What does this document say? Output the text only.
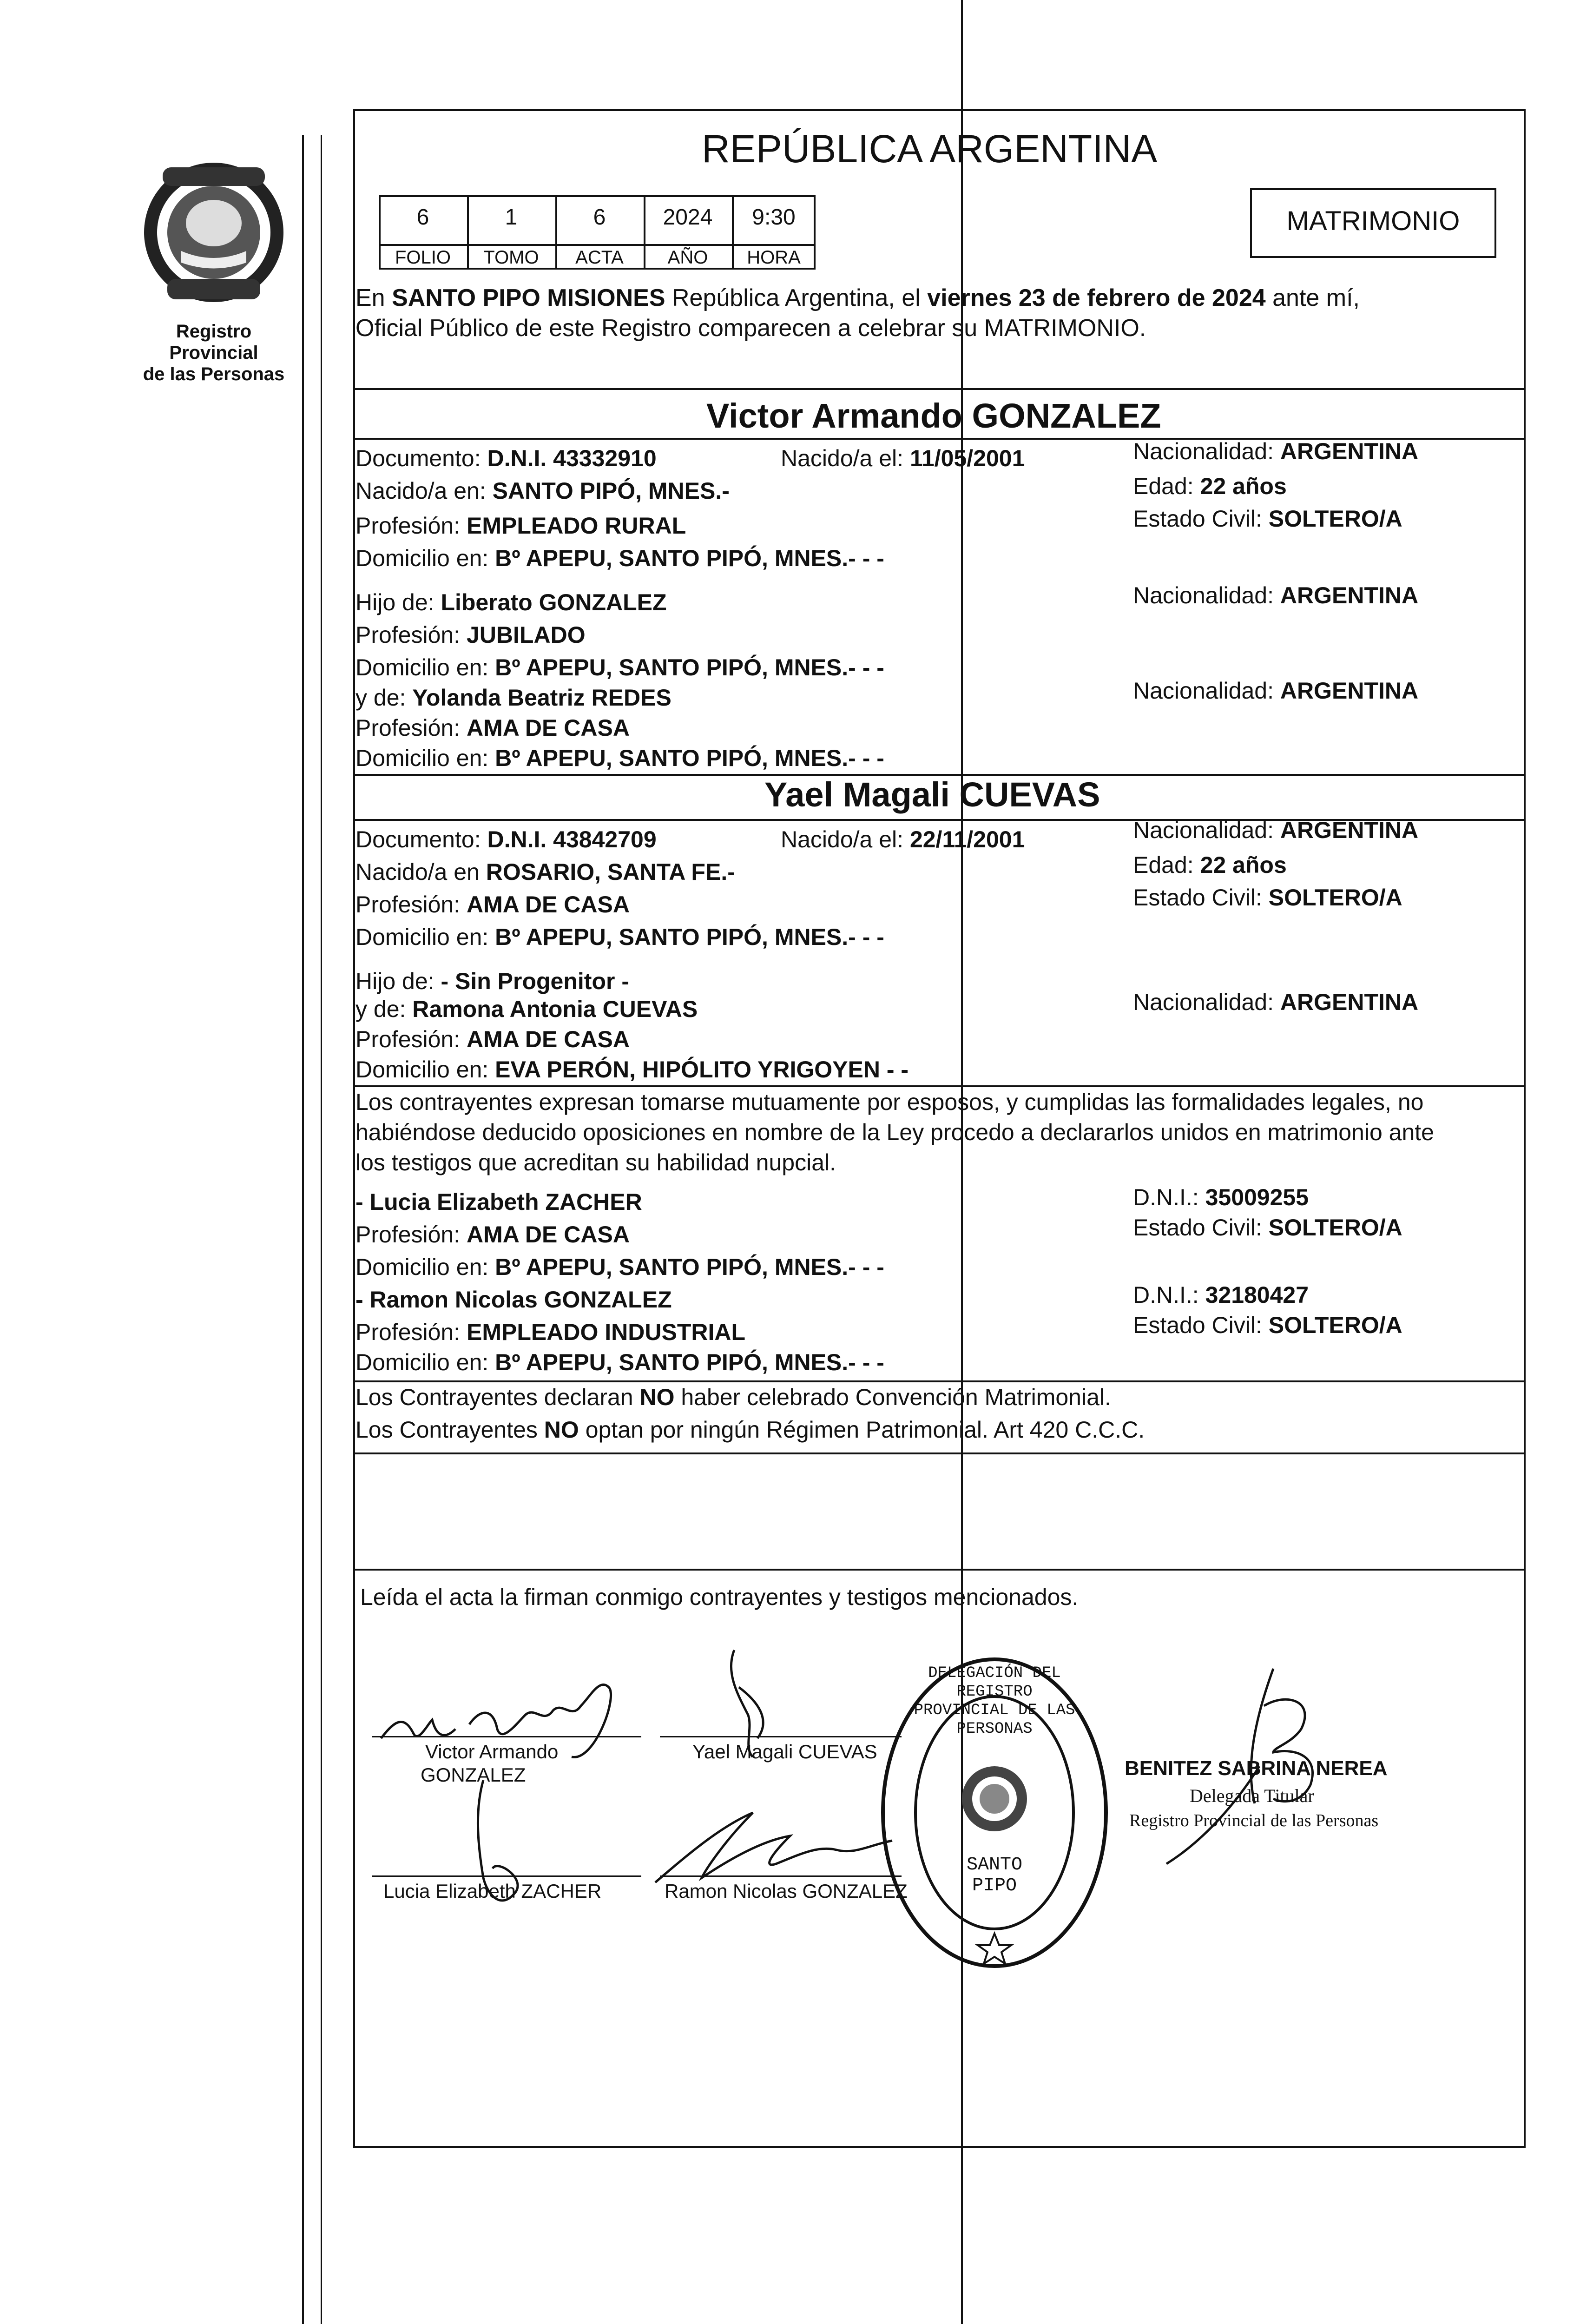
Registro Provincial
de las Personas
REPÚBLICA ARGENTINA
6	1	6	2024	9:30
FOLIO	TOMO	ACTA	AÑO	HORA
MATRIMONIO
En SANTO PIPO MISIONES República Argentina, el viernes 23 de febrero de 2024 ante mí,
Oficial Público de este Registro comparecen a celebrar su MATRIMONIO.
Victor Armando GONZALEZ
Documento: D.N.I. 43332910	Nacido/a el: 11/05/2001	Nacionalidad: ARGENTINA
Nacido/a en: SANTO PIPÓ, MNES.-	Edad: 22 años
Profesión: EMPLEADO RURAL	Estado Civil: SOLTERO/A
Domicilio en: Bº APEPU, SANTO PIPÓ, MNES.- - -
Hijo de: Liberato GONZALEZ	Nacionalidad: ARGENTINA
Profesión: JUBILADO
Domicilio en: Bº APEPU, SANTO PIPÓ, MNES.- - -
y de: Yolanda Beatriz REDES	Nacionalidad: ARGENTINA
Profesión: AMA DE CASA
Domicilio en: Bº APEPU, SANTO PIPÓ, MNES.- - -
Yael Magali CUEVAS
Documento: D.N.I. 43842709	Nacido/a el: 22/11/2001	Nacionalidad: ARGENTINA
Nacido/a en ROSARIO, SANTA FE.-	Edad: 22 años
Profesión: AMA DE CASA	Estado Civil: SOLTERO/A
Domicilio en: Bº APEPU, SANTO PIPÓ, MNES.- - -
Hijo de: - Sin Progenitor -
y de: Ramona Antonia CUEVAS	Nacionalidad: ARGENTINA
Profesión: AMA DE CASA
Domicilio en: EVA PERÓN, HIPÓLITO YRIGOYEN - -
Los contrayentes expresan tomarse mutuamente por esposos, y cumplidas las formalidades legales, no
habiéndose deducido oposiciones en nombre de la Ley procedo a declararlos unidos en matrimonio ante
los testigos que acreditan su habilidad nupcial.
- Lucia Elizabeth ZACHER	D.N.I.: 35009255
Profesión: AMA DE CASA	Estado Civil: SOLTERO/A
Domicilio en: Bº APEPU, SANTO PIPÓ, MNES.- - -
- Ramon Nicolas GONZALEZ	D.N.I.: 32180427
Profesión: EMPLEADO INDUSTRIAL	Estado Civil: SOLTERO/A
Domicilio en: Bº APEPU, SANTO PIPÓ, MNES.- - -
Los Contrayentes declaran NO haber celebrado Convención Matrimonial.
Los Contrayentes NO optan por ningún Régimen Patrimonial. Art 420 C.C.C.
Leída el acta la firman conmigo contrayentes y testigos mencionados.
Victor Armando
GONZALEZ
Yael Magali CUEVAS
Lucia Elizabeth ZACHER	Ramon Nicolas GONZALEZ
BENITEZ SABRINA NEREA
Delegada Titular
Registro Provincial de las Personas
DELEGACIÓN DEL REGISTRO PROVINCIAL DE LAS PERSONAS
SANTO PIPO
